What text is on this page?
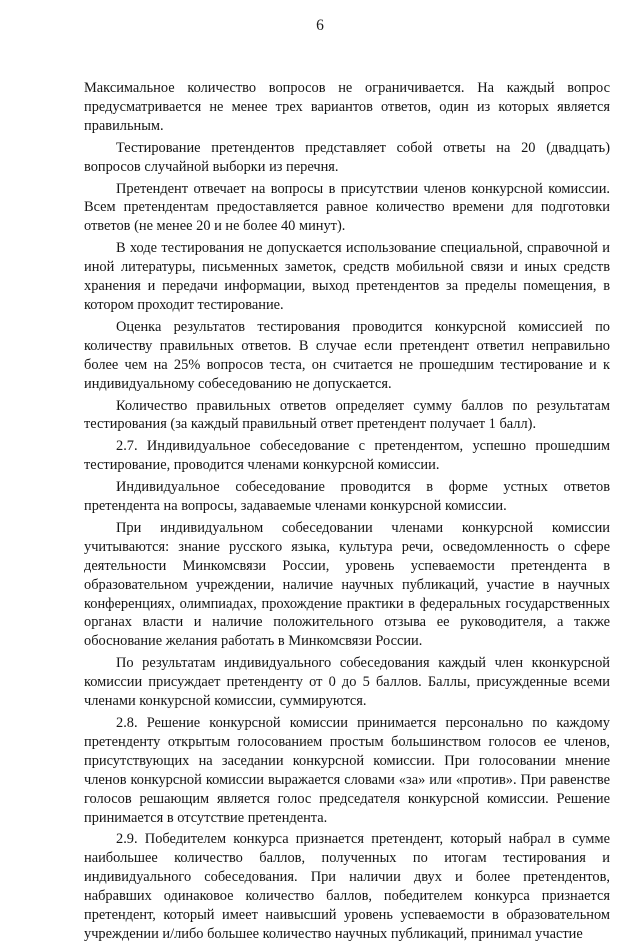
6

Максимальное количество вопросов не ограничивается. На каждый вопрос предусматривается не менее трех вариантов ответов, один из которых является правильным.

Тестирование претендентов представляет собой ответы на 20 (двадцать) вопросов случайной выборки из перечня.

Претендент отвечает на вопросы в присутствии членов конкурсной комиссии. Всем претендентам предоставляется равное количество времени для подготовки ответов (не менее 20 и не более 40 минут).

В ходе тестирования не допускается использование специальной, справочной и иной литературы, письменных заметок, средств мобильной связи и иных средств хранения и передачи информации, выход претендентов за пределы помещения, в котором проходит тестирование.

Оценка результатов тестирования проводится конкурсной комиссией по количеству правильных ответов. В случае если претендент ответил неправильно более чем на 25% вопросов теста, он считается не прошедшим тестирование и к индивидуальному собеседованию не допускается.

Количество правильных ответов определяет сумму баллов по результатам тестирования (за каждый правильный ответ претендент получает 1 балл).

2.7. Индивидуальное собеседование с претендентом, успешно прошедшим тестирование, проводится членами конкурсной комиссии.

Индивидуальное собеседование проводится в форме устных ответов претендента на вопросы, задаваемые членами конкурсной комиссии.

При индивидуальном собеседовании членами конкурсной комиссии учитываются: знание русского языка, культура речи, осведомленность о сфере деятельности Минкомсвязи России, уровень успеваемости претендента в образовательном учреждении, наличие научных публикаций, участие в научных конференциях, олимпиадах, прохождение практики в федеральных государственных органах власти и наличие положительного отзыва ее руководителя, а также обоснование желания работать в Минкомсвязи России.

По результатам индивидуального собеседования каждый член кконкурсной комиссии присуждает претенденту от 0 до 5 баллов. Баллы, присужденные всеми членами конкурсной комиссии, суммируются.

2.8. Решение конкурсной комиссии принимается персонально по каждому претенденту открытым голосованием простым большинством голосов ее членов, присутствующих на заседании конкурсной комиссии. При голосовании мнение членов конкурсной комиссии выражается словами «за» или «против». При равенстве голосов решающим является голос председателя конкурсной комиссии. Решение принимается в отсутствие претендента.

2.9. Победителем конкурса признается претендент, который набрал в сумме наибольшее количество баллов, полученных по итогам тестирования и индивидуального собеседования. При наличии двух и более претендентов, набравших одинаковое количество баллов, победителем конкурса признается претендент, который имеет наивысший уровень успеваемости в образовательном учреждении и/либо большее количество научных публикаций, принимал участие
